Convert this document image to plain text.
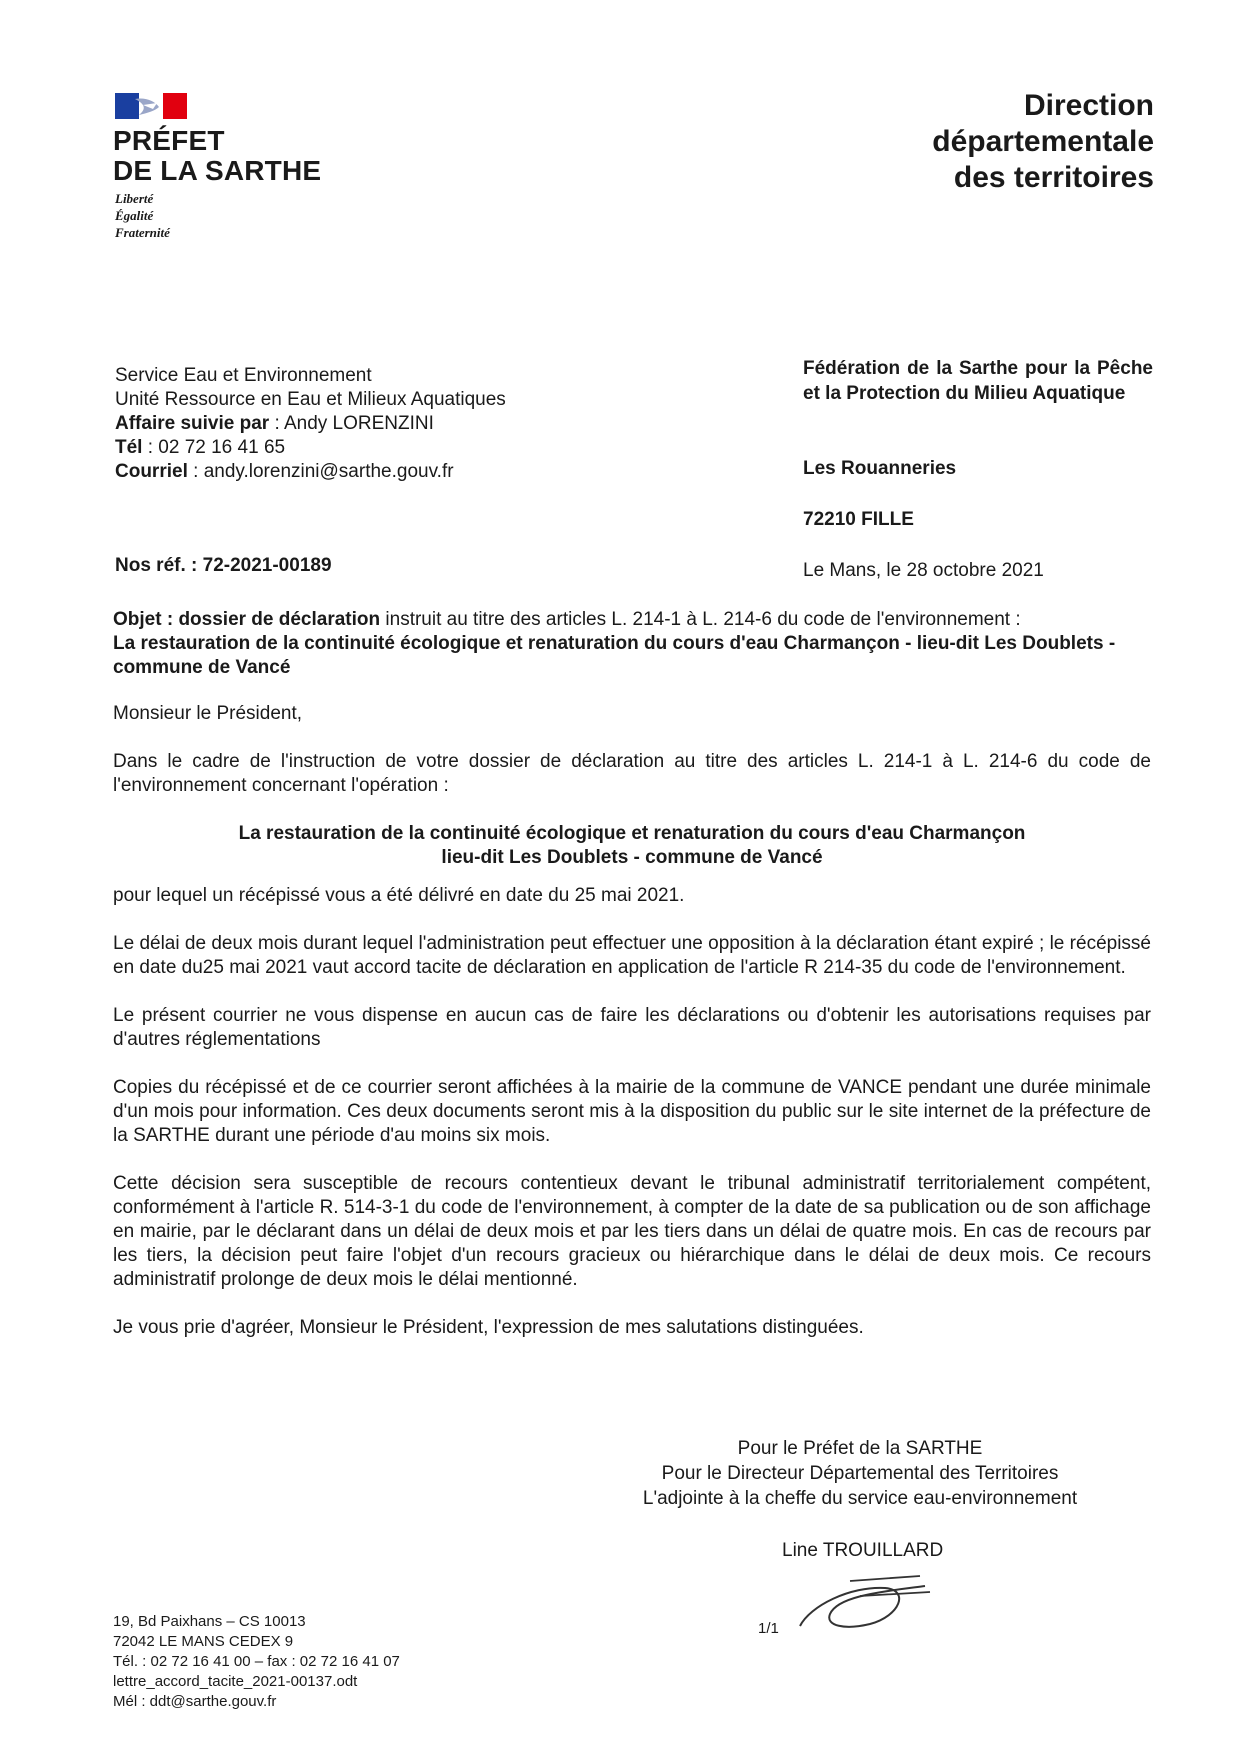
PRÉFET
DE LA SARTHE
Liberté
Égalité
Fraternité
Direction
départementale
des territoires
Service Eau et Environnement
Unité Ressource en Eau et Milieux Aquatiques
Affaire suivie par : Andy LORENZINI
Tél : 02 72 16 41 65
Courriel : andy.lorenzini@sarthe.gouv.fr
Fédération de la Sarthe pour la Pêche et la Protection du Milieu Aquatique
Les Rouanneries
72210 FILLE
Nos réf. : 72-2021-00189	Le Mans, le 28 octobre 2021

Objet : dossier de déclaration instruit au titre des articles L. 214-1 à L. 214-6 du code de l'environnement :
La restauration de la continuité écologique et renaturation du cours d'eau Charmançon - lieu-dit Les Doublets - commune de Vancé

Monsieur le Président,

Dans le cadre de l'instruction de votre dossier de déclaration au titre des articles L. 214-1 à L. 214-6 du code de l'environnement concernant l'opération :

La restauration de la continuité écologique et renaturation du cours d'eau Charmançon
lieu-dit Les Doublets - commune de Vancé

pour lequel un récépissé vous a été délivré en date du 25 mai 2021.

Le délai de deux mois durant lequel l'administration peut effectuer une opposition à la déclaration étant expiré ; le récépissé en date du25 mai 2021 vaut accord tacite de déclaration en application de l'article R 214-35 du code de l'environnement.

Le présent courrier ne vous dispense en aucun cas de faire les déclarations ou d'obtenir les autorisations requises par d'autres réglementations

Copies du récépissé et de ce courrier seront affichées à la mairie de la commune de VANCE pendant une durée minimale d'un mois pour information. Ces deux documents seront mis à la disposition du public sur le site internet de la préfecture de la SARTHE durant une période d'au moins six mois.

Cette décision sera susceptible de recours contentieux devant le tribunal administratif territorialement compétent, conformément à l'article R. 514-3-1 du code de l'environnement, à compter de la date de sa publication ou de son affichage en mairie, par le déclarant dans un délai de deux mois et par les tiers dans un délai de quatre mois. En cas de recours par les tiers, la décision peut faire l'objet d'un recours gracieux ou hiérarchique dans le délai de deux mois. Ce recours administratif prolonge de deux mois le délai mentionné.

Je vous prie d'agréer, Monsieur le Président, l'expression de mes salutations distinguées.

Pour le Préfet de la SARTHE
Pour le Directeur Départemental des Territoires
L'adjointe à la cheffe du service eau-environnement
Line TROUILLARD
1/1
19, Bd Paixhans – CS 10013
72042 LE MANS CEDEX 9
Tél. : 02 72 16 41 00 – fax : 02 72 16 41 07
lettre_accord_tacite_2021-00137.odt
Mél : ddt@sarthe.gouv.fr
